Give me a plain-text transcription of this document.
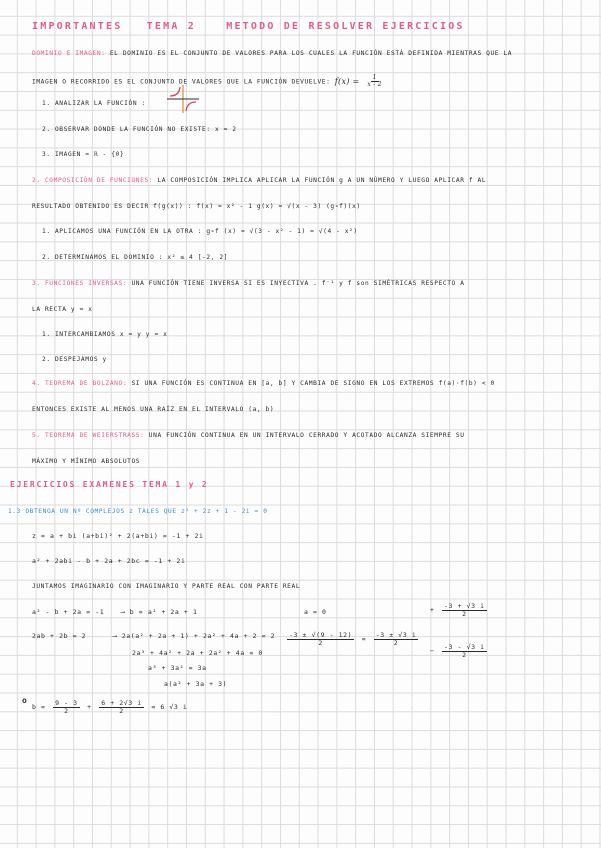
IMPORTANTES TEMA 2	METODO DE RESOLVER EJERCICIOS
DOMINIO E IMAGEN: EL DOMINIO ES EL CONJUNTO DE VALORES PARA LOS CUALES LA FUNCIÓN ESTÁ DEFINIDA MIENTRAS QUE LA
IMAGEN O RECORRIDO ES EL CONJUNTO DE VALORES QUE LA FUNCIÓN DEVUELVE: $f(x) = \frac{1}{x - 2}$
1. ANALIZAR LA FUNCIÓN :
2. OBSERVAR DONDE LA FUNCIÓN NO EXISTE: x = 2
3. IMAGEN = ℝ - {0}
2. COMPOSICIÓN DE FUNCIONES: LA COMPOSICIÓN IMPLICA APLICAR LA FUNCIÓN g A UN NÚMERO Y LUEGO APLICAR f AL
RESULTADO OBTENIDO ES DECIR f(g(x)) : f(x) = x² - 1 g(x) = √(x - 3) (g∘f)(x)
1. APLICAMOS UNA FUNCIÓN EN LA OTRA : g∘f (x) = √(3 - x² - 1) = √(4 - x²)
2. DETERMINAMOS EL DOMINIO : x² ≤ 4 [-2, 2]
3. FUNCIONES INVERSAS: UNA FUNCIÓN TIENE INVERSA SI ES INYECTIVA . f⁻¹ y f son SIMÉTRICAS RESPECTO A
LA RECTA y = x
1. INTERCAMBIAMOS x = y y = x
2. DESPEJAMOS y
4. TEOREMA DE BOLZANO: SI UNA FUNCIÓN ES CONTINUA EN [a, b] Y CAMBIA DE SIGNO EN LOS EXTREMOS f(a)·f(b) < 0
ENTONCES EXISTE AL MENOS UNA RAÍZ EN EL INTERVALO (a, b)
5. TEOREMA DE WEIERSTRASS: UNA FUNCIÓN CONTINUA EN UN INTERVALO CERRADO Y ACOTADO ALCANZA SIEMPRE SU
MÁXIMO Y MÍNIMO ABSOLUTOS
EJERCICIOS EXAMENES TEMA 1 y 2
1.3 OBTENGA UN Nº COMPLEJOS z TALES QUE z² + 2z + 1 - 2i = 0
z = a + bi (a+bi)² + 2(a+bi) = -1 + 2i
a² + 2abi - b + 2a + 2bc = -1 + 2i
JUNTAMOS IMAGINARIO CON IMAGINARIO Y PARTE REAL CON PARTE REAL
a² - b + 2a = -1	⟶ b = a² + 2a + 1
2ab + 2b = 2	⟶ 2a(a² + 2a + 1) + 2a² + 4a + 2 = 2
2a³ + 4a² + 2a + 2a² + 4a = 0
a³ + 3a² = 3a
a(a² + 3a + 3)
a = 0
$\frac{-3 \pm √(9 - 12)}{2} = \frac{-3 \pm √3 i}{2}$
+ $\frac{-3 + √3 i}{2}$
− $\frac{-3 - √3 i}{2}$
o
$b = \frac{9 - 3}{2} + \frac{6 + 2√3 i}{2} = 6$ √3 i
